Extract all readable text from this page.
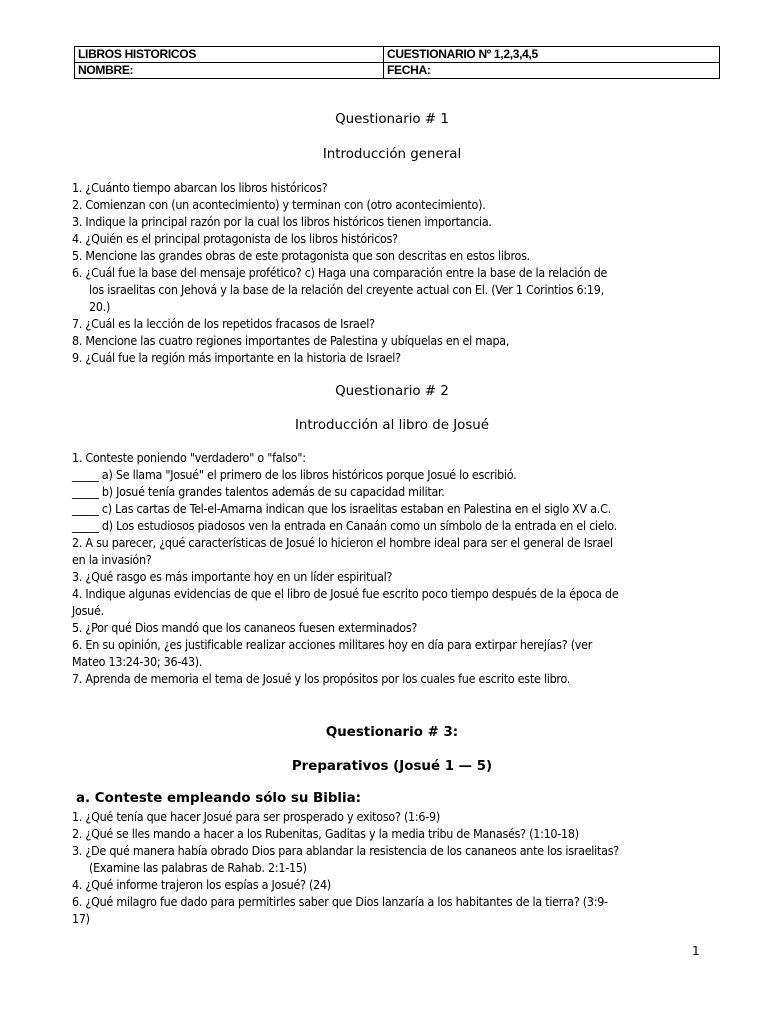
LIBROS HISTORICOS	CUESTIONARIO Nº 1,2,3,4,5
NOMBRE:	FECHA:
Questionario # 1
Introducción general
1. ¿Cuánto tiempo abarcan los libros históricos?
2. Comienzan con (un acontecimiento) y terminan con (otro acontecimiento).
3. Indique la principal razón por la cual los libros históricos tienen importancia.
4. ¿Quién es el principal protagonista de los libros históricos?
5. Mencione las grandes obras de este protagonista que son descritas en estos libros.
6. ¿Cuál fue la base del mensaje profético? c) Haga una comparación entre la base de la relación de
los israelitas con Jehová y la base de la relación del creyente actual con El. (Ver 1 Corintios 6:19,
20.)
7. ¿Cuál es la lección de los repetidos fracasos de Israel?
8. Mencione las cuatro regiones importantes de Palestina y ubíquelas en el mapa,
9. ¿Cuál fue la región más importante en la historia de Israel?
Questionario # 2
Introducción al libro de Josué
1. Conteste poniendo "verdadero" o "falso":
_____ a) Se llama "Josué" el primero de los libros históricos porque Josué lo escribió.
_____ b) Josué tenía grandes talentos además de su capacidad militar.
_____ c) Las cartas de Tel-el-Amarna indican que los israelitas estaban en Palestina en el siglo XV a.C.
_____ d) Los estudiosos piadosos ven la entrada en Canaán como un símbolo de la entrada en el cielo.
2. A su parecer, ¿qué características de Josué lo hicieron el hombre ideal para ser el general de Israel
en la invasión?
3. ¿Qué rasgo es más importante hoy en un líder espiritual?
4. Indique algunas evidencias de que el libro de Josué fue escrito poco tiempo después de la época de
Josué.
5. ¿Por qué Dios mandó que los cananeos fuesen exterminados?
6. En su opinión, ¿es justificable realizar acciones militares hoy en día para extirpar herejías? (ver
Mateo 13:24-30; 36-43).
7. Aprenda de memoria el tema de Josué y los propósitos por los cuales fue escrito este libro.
Questionario # 3:
Preparativos (Josué 1 — 5)
a. Conteste empleando sólo su Biblia:
1. ¿Qué tenía que hacer Josué para ser prosperado y exitoso? (1:6-9)
2. ¿Qué se lles mando a hacer a los Rubenitas, Gaditas y la media tribu de Manasés? (1:10-18)
3. ¿De qué manera había obrado Dios para ablandar la resistencia de los cananeos ante los israelitas?
(Examine las palabras de Rahab. 2:1-15)
4. ¿Qué informe trajeron los espías a Josué? (24)
6. ¿Qué milagro fue dado para permitirles saber que Dios lanzaría a los habitantes de la tierra? (3:9-
17)
1
